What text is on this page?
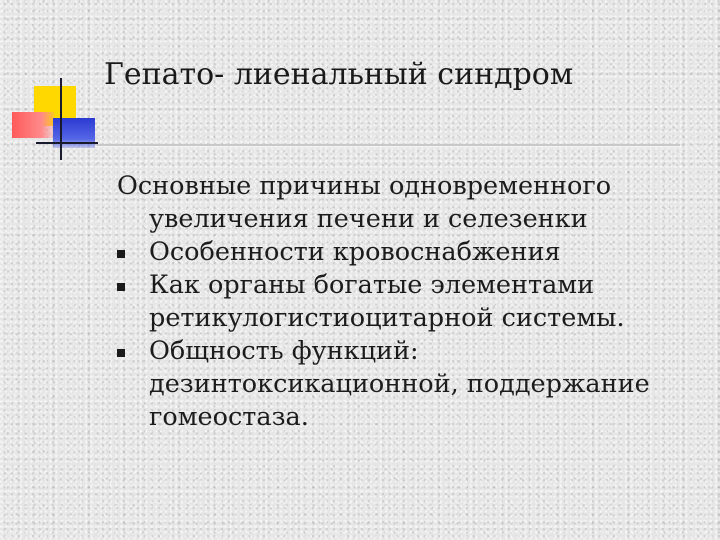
Гепато- лиенальный синдром

Основные причины одновременного увеличения печени и селезенки

Особенности кровоснабжения
Как органы богатые элементами ретикулогистиоцитарной системы.
Общность функций: дезинтоксикационной, поддержание гомеостаза.
